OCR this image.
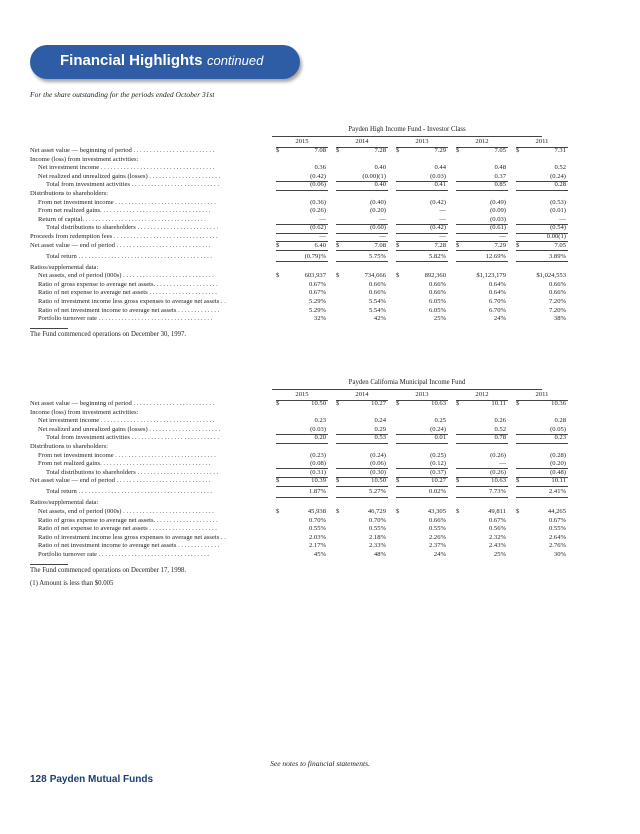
Financial Highlights continued
For the share outstanding for the periods ended October 31st
Payden High Income Fund - Investor Class
2015	2014	2013	2012	2011
Net asset value — beginning of period . . . . . . . . . . . . . . . . . . . . . . . . .	$	7.08 $	7.28 $	7.29 $	7.05 $	7.31
Income (loss) from investment activities:
Net investment income . . . . . . . . . . . . . . . . . . . . . . . . . . . . . . . . . . .	0.36	0.40	0.44	0.48	0.52
Net realized and unrealized gains (losses) . . . . . . . . . . . . . . . . . . . . . .	(0.42)	(0.00)(1)	(0.03)	0.37	(0.24)
Total from investment activities . . . . . . . . . . . . . . . . . . . . . . . . . . .	(0.06)	0.40	0.41	0.85	0.28
Distributions to shareholders:
From net investment income . . . . . . . . . . . . . . . . . . . . . . . . . . . . . . .	(0.36)	(0.40)	(0.42)	(0.49)	(0.53)
From net realized gains. . . . . . . . . . . . . . . . . . . . . . . . . . . . . . . . . .	(0.26)	(0.20)	—	(0.09)	(0.01)
Return of capital. . . . . . . . . . . . . . . . . . . . . . . . . . . . . . . . . . . . . .	—	—	—	(0.03)	—
Total distributions to shareholders . . . . . . . . . . . . . . . . . . . . . . . . .	(0.62)	(0.60)	(0.42)	(0.61)	(0.54)
Proceeds from redemption fees . . . . . . . . . . . . . . . . . . . . . . . . . . . . . . . .	—	—	—	—	0.00(1)
Net asset value — end of period . . . . . . . . . . . . . . . . . . . . . . . . . . . . .	$	6.40 $	7.08 $	7.28 $	7.29 $	7.05
Total return . . . . . . . . . . . . . . . . . . . . . . . . . . . . . . . . . . . . . . . . .	(0.79)%	5.75%	5.82%	12.69%	3.89%
Ratios/supplemental data:
Net assets, end of period (000s) . . . . . . . . . . . . . . . . . . . . . . . . . . . .	$	603,937 $	734,666 $	892,360	$1,123,179	$1,024,553
Ratio of gross expense to average net assets. . . . . . . . . . . . . . . . . . . .	0.67%	0.66%	0.66%	0.64%	0.66%
Ratio of net expense to average net assets . . . . . . . . . . . . . . . . . . . . .	0.67%	0.66%	0.66%	0.64%	0.66%
Ratio of investment income less gross expenses to average net assets . .	5.29%	5.54%	6.05%	6.70%	7.20%
Ratio of net investment income to average net assets . . . . . . . . . . . . .	5.29%	5.54%	6.05%	6.70%	7.20%
Portfolio turnover rate . . . . . . . . . . . . . . . . . . . . . . . . . . . . . . . . . . .	32%	42%	25%	24%	38%
The Fund commenced operations on December 30, 1997.
Payden California Municipal Income Fund
2015	2014	2013	2012	2011
Net asset value — beginning of period . . . . . . . . . . . . . . . . . . . . . . . . .	$	10.50 $	10.27 $	10.63 $	10.11 $	10.36
Income (loss) from investment activities:
Net investment income . . . . . . . . . . . . . . . . . . . . . . . . . . . . . . . . . . .	0.23	0.24	0.25	0.26	0.28
Net realized and unrealized gains (losses) . . . . . . . . . . . . . . . . . . . . . .	(0.03)	0.29	(0.24)	0.52	(0.05)
Total from investment activities . . . . . . . . . . . . . . . . . . . . . . . . . . .	0.20	0.53	0.01	0.78	0.23
Distributions to shareholders:
From net investment income . . . . . . . . . . . . . . . . . . . . . . . . . . . . . . .	(0.23)	(0.24)	(0.25)	(0.26)	(0.28)
From net realized gains. . . . . . . . . . . . . . . . . . . . . . . . . . . . . . . . . .	(0.08)	(0.06)	(0.12)	—	(0.20)
Total distributions to shareholders . . . . . . . . . . . . . . . . . . . . . . . . .	(0.31)	(0.30)	(0.37)	(0.26)	(0.48)
Net asset value — end of period . . . . . . . . . . . . . . . . . . . . . . . . . . . . .	$	10.39 $	10.50 $	10.27 $	10.63 $	10.11
Total return . . . . . . . . . . . . . . . . . . . . . . . . . . . . . . . . . . . . . . . . .	1.87%	5.27%	0.02%	7.73%	2.41%
Ratios/supplemental data:
Net assets, end of period (000s) . . . . . . . . . . . . . . . . . . . . . . . . . . . .	$	45,938 $	46,729 $	43,305 $	49,811 $	44,265
Ratio of gross expense to average net assets. . . . . . . . . . . . . . . . . . . .	0.70%	0.70%	0.66%	0.67%	0.67%
Ratio of net expense to average net assets . . . . . . . . . . . . . . . . . . . . .	0.55%	0.55%	0.55%	0.56%	0.55%
Ratio of investment income less gross expenses to average net assets . .	2.03%	2.18%	2.26%	2.32%	2.64%
Ratio of net investment income to average net assets . . . . . . . . . . . . .	2.17%	2.33%	2.37%	2.43%	2.76%
Portfolio turnover rate . . . . . . . . . . . . . . . . . . . . . . . . . . . . . . . . . .	45%	48%	24%	25%	30%
The Fund commenced operations on December 17, 1998.
(1) Amount is less than $0.005
See notes to financial statements.
128 Payden Mutual Funds
